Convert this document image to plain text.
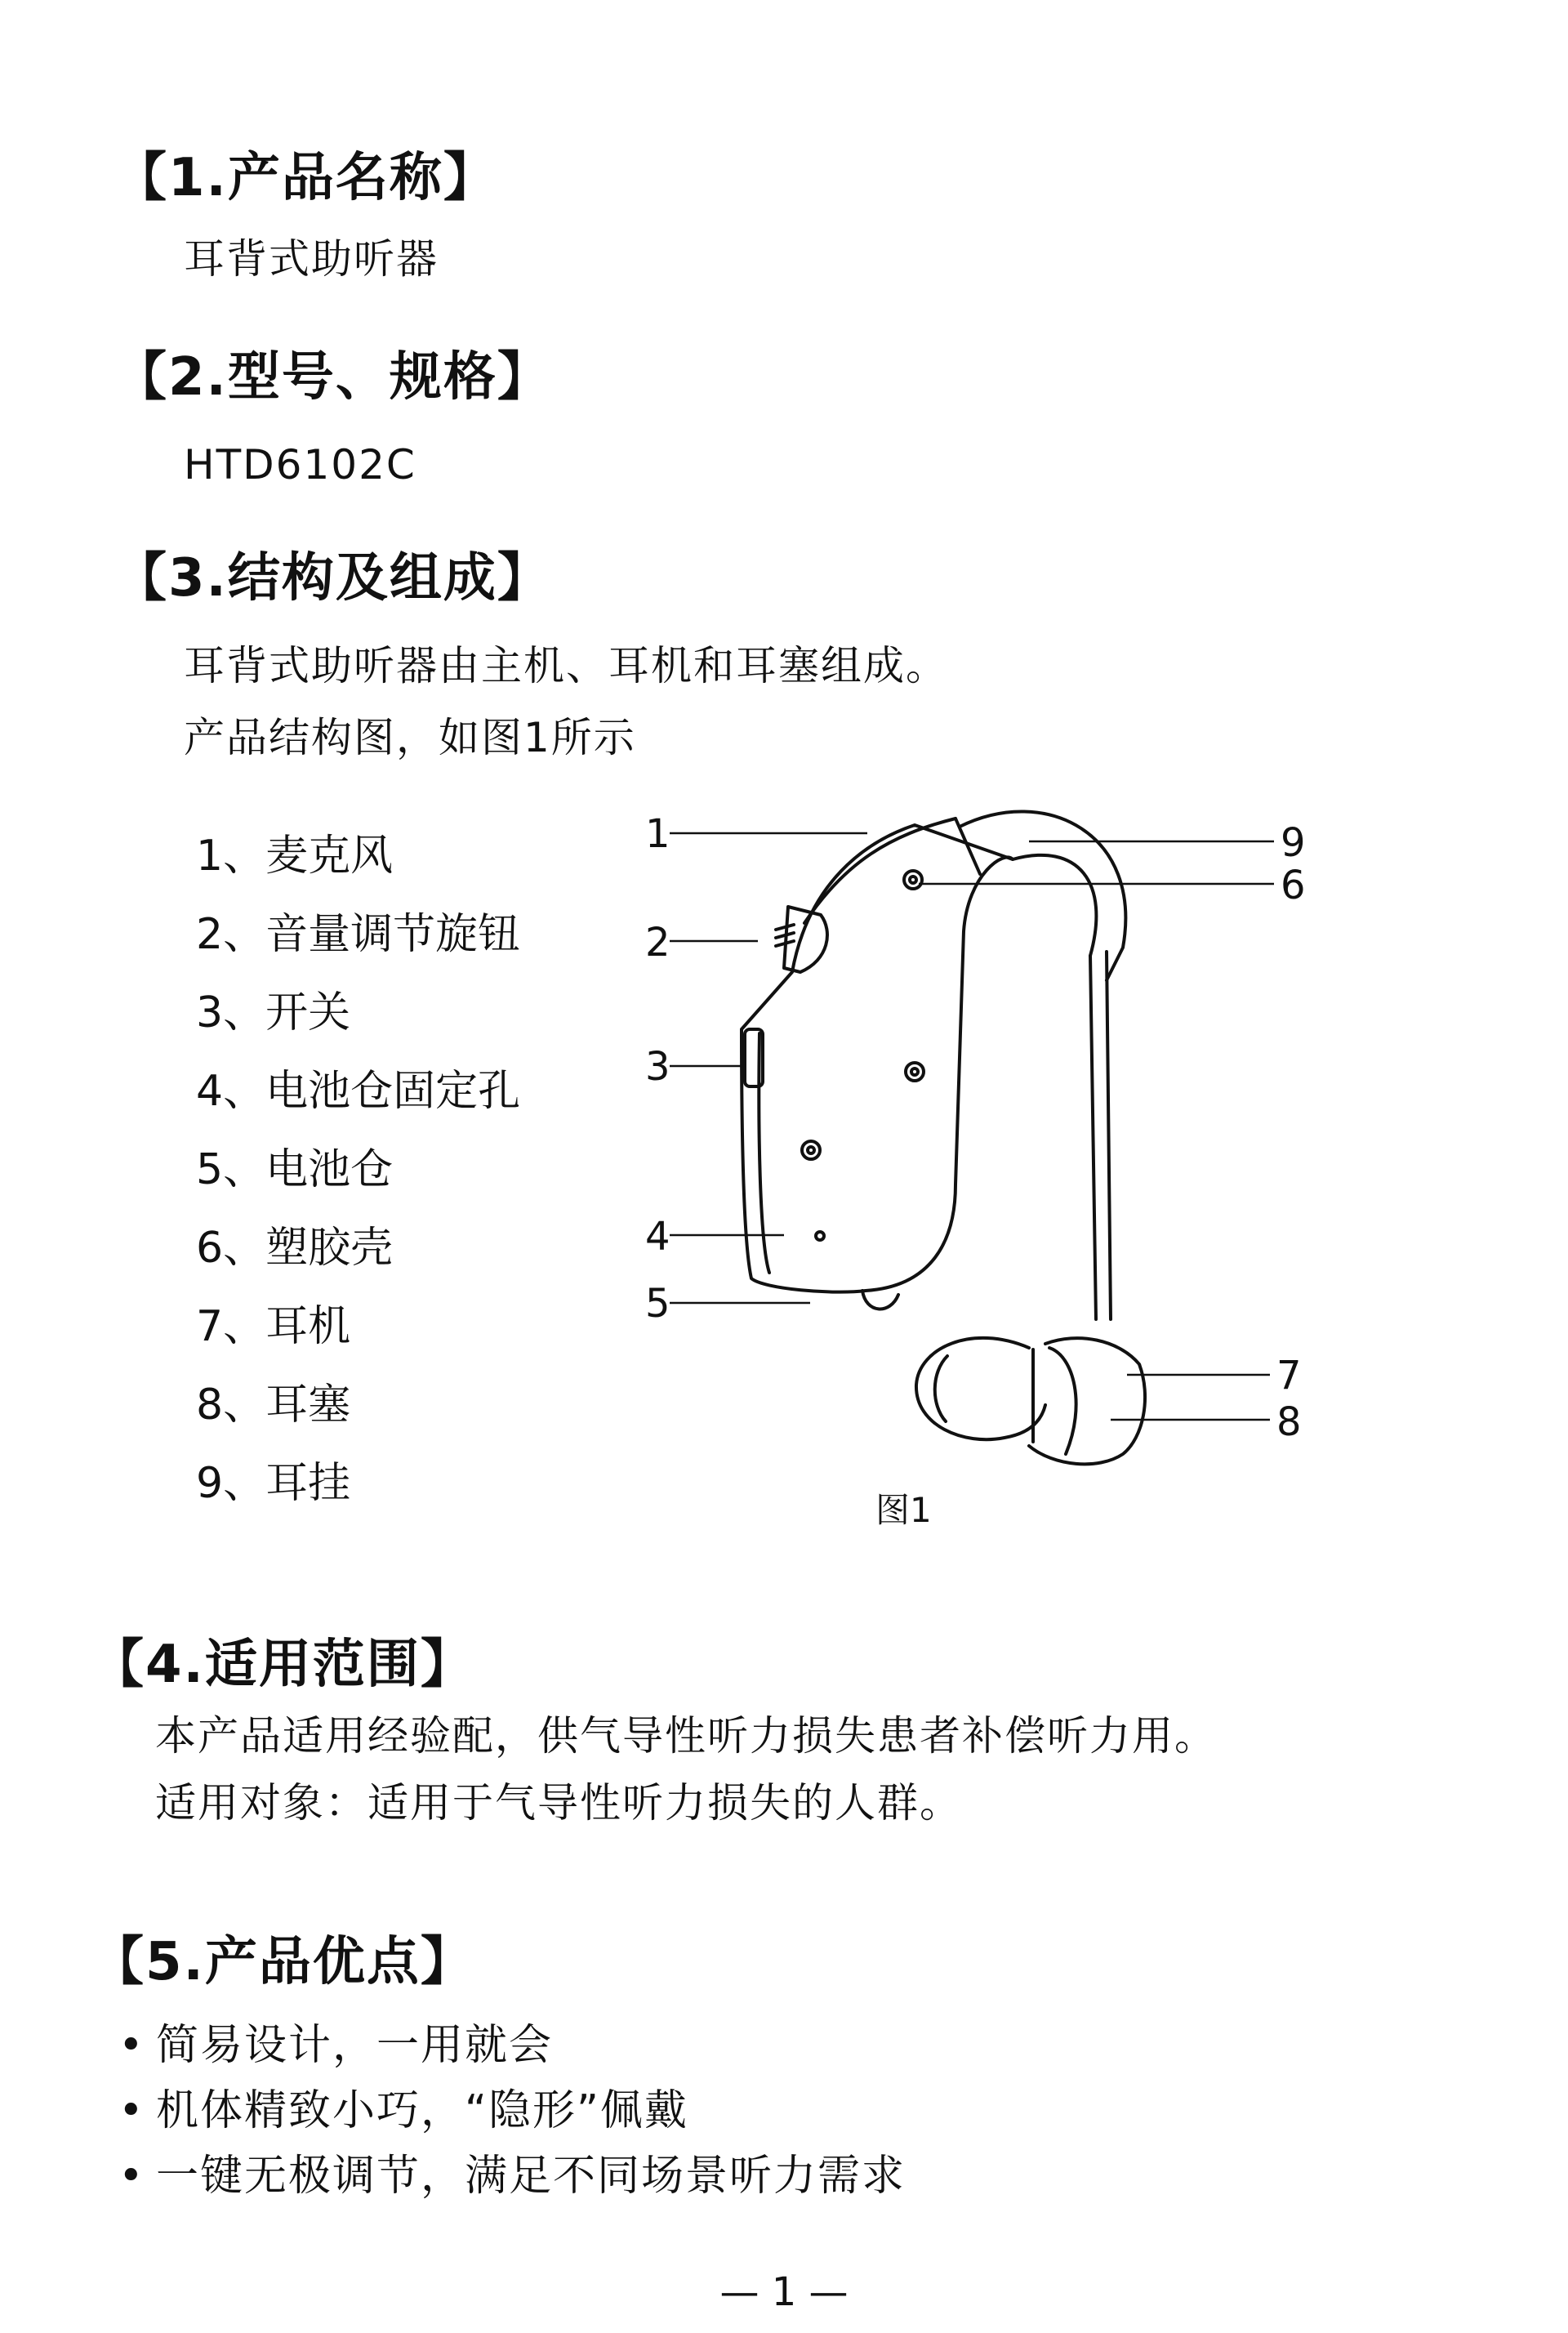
【1.产品名称】
耳背式助听器
【2.型号、规格】
HTD6102C
【3.结构及组成】
耳背式助听器由主机、耳机和耳塞组成。
产品结构图，如图1所示
1、麦克风
2、音量调节旋钮
3、开关
4、电池仓固定孔
5、电池仓
6、塑胶壳
7、耳机
8、耳塞
9、耳挂
1
2
3
4
5
9
6
7
8
图1
【4.适用范围】
本产品适用经验配，供气导性听力损失患者补偿听力用。
适用对象：适用于气导性听力损失的人群。
【5.产品优点】
• 简易设计，一用就会
• 机体精致小巧，“隐形”佩戴
• 一键无极调节，满足不同场景听力需求
— 1 —
